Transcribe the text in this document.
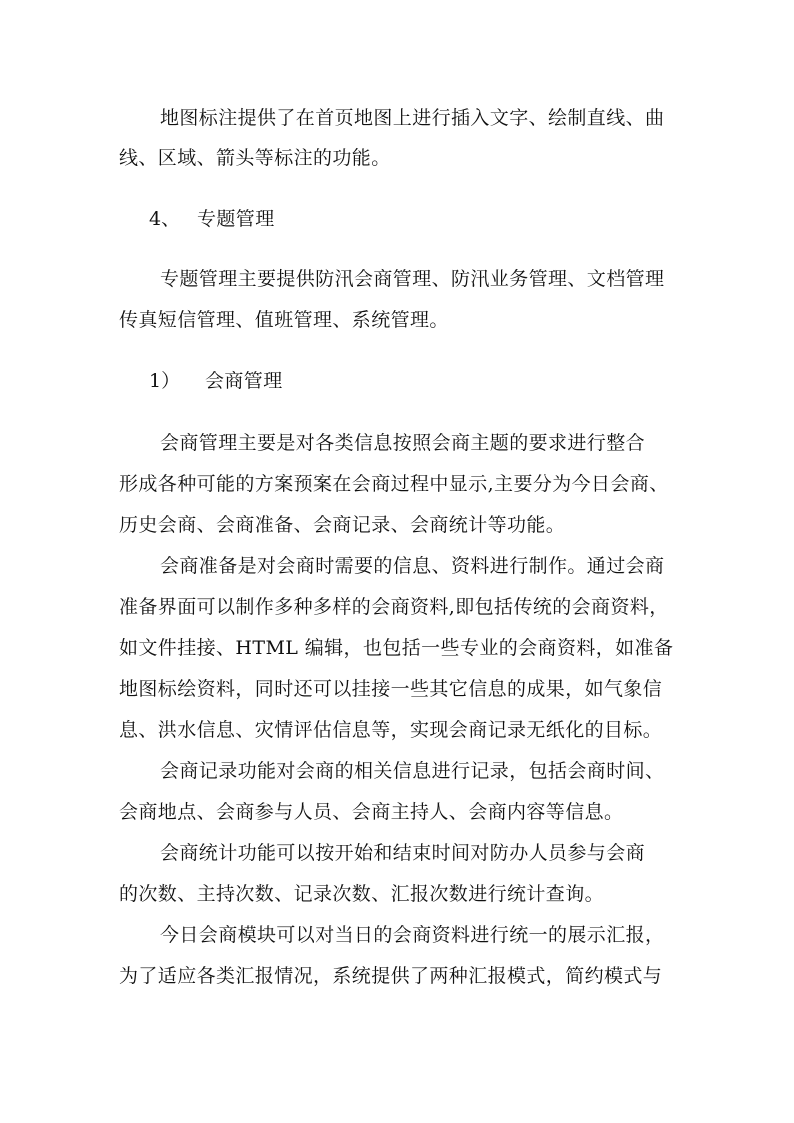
地图标注提供了在首页地图上进行插入文字、绘制直线、曲
线、区域、箭头等标注的功能。
4、 专题管理
专题管理主要提供防汛会商管理、防汛业务管理、文档管理
传真短信管理、值班管理、系统管理。
1） 会商管理
会商管理主要是对各类信息按照会商主题的要求进行整合
形成各种可能的方案预案在会商过程中显示,主要分为今日会商、
历史会商、会商准备、会商记录、会商统计等功能。
会商准备是对会商时需要的信息、资料进行制作。通过会商
准备界面可以制作多种多样的会商资料,即包括传统的会商资料，
如文件挂接、HTML 编辑，也包括一些专业的会商资料，如准备
地图标绘资料，同时还可以挂接一些其它信息的成果，如气象信
息、洪水信息、灾情评估信息等，实现会商记录无纸化的目标。
会商记录功能对会商的相关信息进行记录，包括会商时间、
会商地点、会商参与人员、会商主持人、会商内容等信息。
会商统计功能可以按开始和结束时间对防办人员参与会商
的次数、主持次数、记录次数、汇报次数进行统计查询。
今日会商模块可以对当日的会商资料进行统一的展示汇报，
为了适应各类汇报情况，系统提供了两种汇报模式，简约模式与
